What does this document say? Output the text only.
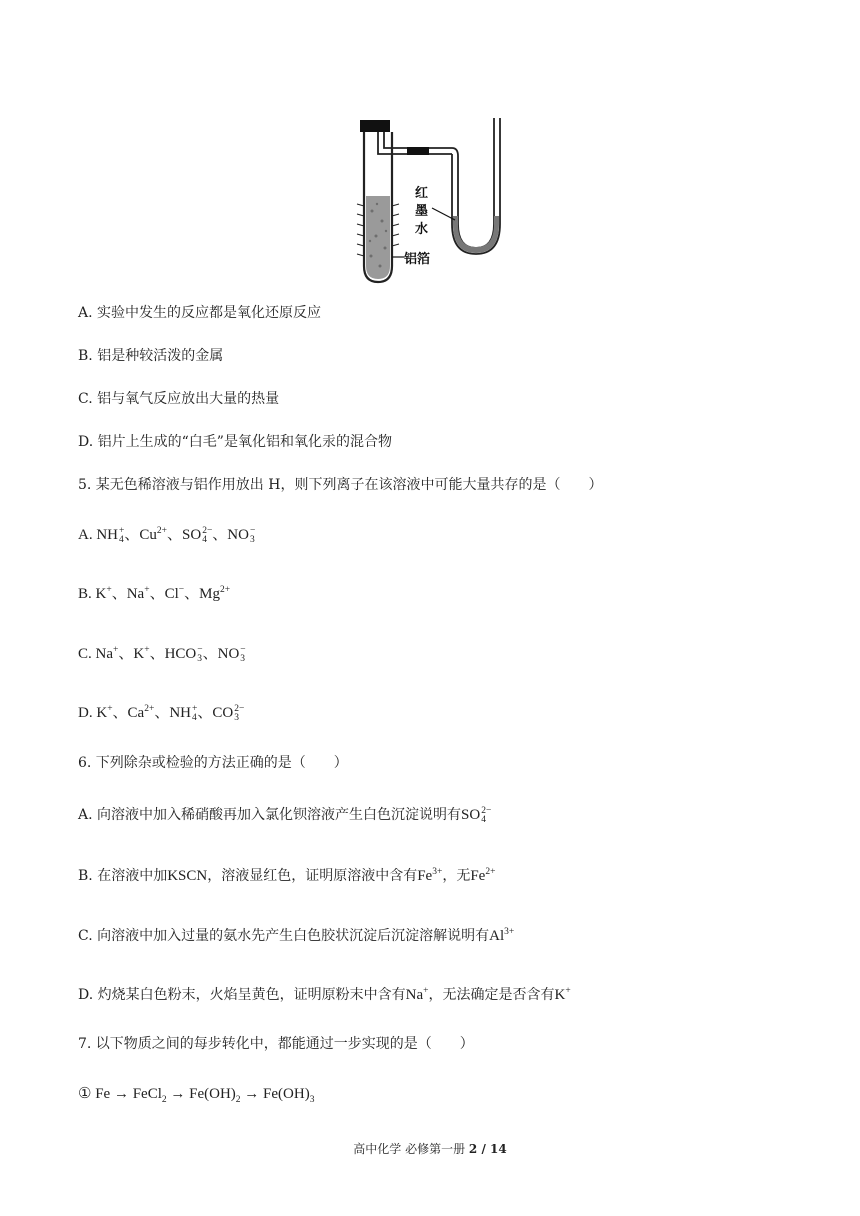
红
墨
水
铝箔
A. 实验中发生的反应都是氧化还原反应
B. 铝是种较活泼的金属
C. 铝与氧气反应放出大量的热量
D. 铝片上生成的“白毛”是氧化铝和氧化汞的混合物
5. 某无色稀溶液与铝作用放出 H，则下列离子在该溶液中可能大量共存的是（　　）
A. NH +
4 、$Cu^{2+}$、SO 2−
4 、NO −
3
B. K+、Na+、Cl−、$Mg^{2+}$
C. Na+、K+、HCO −
3 、NO −
3
D. K+、$Ca^{2+}$、NH +
4 、CO 2−
3
6. 下列除杂或检验的方法正确的是（　　）
A. 向溶液中加入稀硝酸再加入氯化钡溶液产生白色沉淀说明有SO 2−
4
B. 在溶液中加KSCN，溶液显红色，证明原溶液中含有$Fe^{3+}$，无$Fe^{2+}$
C. 向溶液中加入过量的氨水先产生白色胶状沉淀后沉淀溶解说明有$Al^{3+}$
D. 灼烧某白色粉末，火焰呈黄色，证明原粉末中含有Na+，无法确定是否含有K+
7. 以下物质之间的每步转化中，都能通过一步实现的是（　　）
① Fe → FeCl$_2$ → $Fe(OH)_2 \to Fe(OH)_3$
高中化学 必修第一册 2 / 14
